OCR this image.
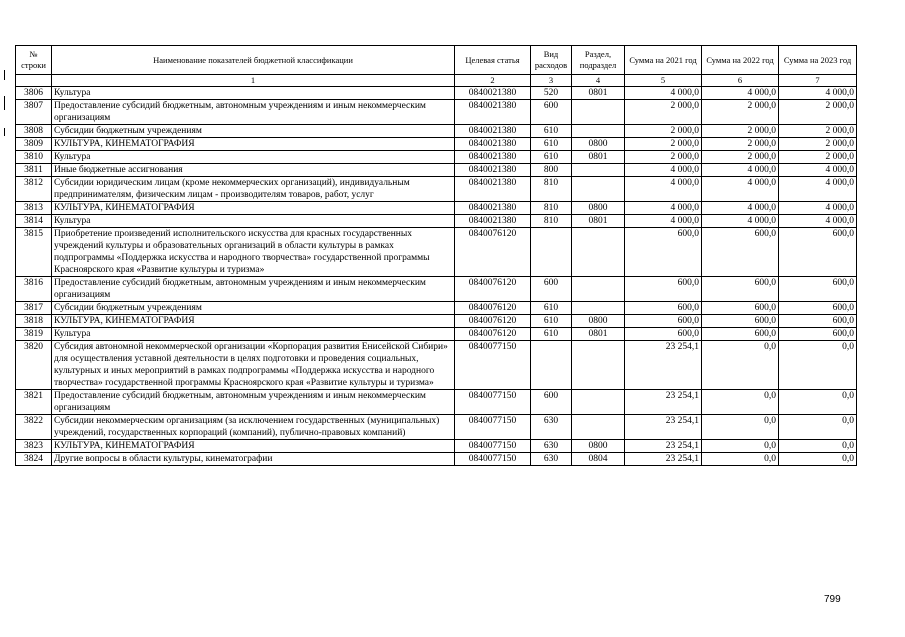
№ строки	Наименование показателей бюджетной классификации	Целевая статья	Вид расходов	Раздел, подраздел	Сумма на 2021 год	Сумма на 2022 год	Сумма на 2023 год
	1	2	3	4	5	6	7
3806	Культура	0840021380	520	0801	4 000,0	4 000,0	4 000,0
3807	Предоставление субсидий бюджетным, автономным учреждениям и иным некоммерческим организациям	0840021380	600		2 000,0	2 000,0	2 000,0
3808	Субсидии бюджетным учреждениям	0840021380	610		2 000,0	2 000,0	2 000,0
3809	КУЛЬТУРА, КИНЕМАТОГРАФИЯ	0840021380	610	0800	2 000,0	2 000,0	2 000,0
3810	Культура	0840021380	610	0801	2 000,0	2 000,0	2 000,0
3811	Иные бюджетные ассигнования	0840021380	800		4 000,0	4 000,0	4 000,0
3812	Субсидии юридическим лицам (кроме некоммерческих организаций), индивидуальным предпринимателям, физическим лицам - производителям товаров, работ, услуг	0840021380	810		4 000,0	4 000,0	4 000,0
3813	КУЛЬТУРА, КИНЕМАТОГРАФИЯ	0840021380	810	0800	4 000,0	4 000,0	4 000,0
3814	Культура	0840021380	810	0801	4 000,0	4 000,0	4 000,0
3815	Приобретение произведений исполнительского искусства для красных государственных учреждений культуры и образовательных организаций в области культуры в рамках подпрограммы «Поддержка искусства и народного творчества» государственной программы Красноярского края «Развитие культуры и туризма»	0840076120			600,0	600,0	600,0
3816	Предоставление субсидий бюджетным, автономным учреждениям и иным некоммерческим организациям	0840076120	600		600,0	600,0	600,0
3817	Субсидии бюджетным учреждениям	0840076120	610		600,0	600,0	600,0
3818	КУЛЬТУРА, КИНЕМАТОГРАФИЯ	0840076120	610	0800	600,0	600,0	600,0
3819	Культура	0840076120	610	0801	600,0	600,0	600,0
3820	Субсидия автономной некоммерческой организации «Корпорация развития Енисейской Сибири» для осуществления уставной деятельности в целях подготовки и проведения социальных, культурных и иных мероприятий в рамках подпрограммы «Поддержка искусства и народного творчества» государственной программы Красноярского края «Развитие культуры и туризма»	0840077150			23 254,1	0,0	0,0
3821	Предоставление субсидий бюджетным, автономным учреждениям и иным некоммерческим организациям	0840077150	600		23 254,1	0,0	0,0
3822	Субсидии некоммерческим организациям (за исключением государственных (муниципальных) учреждений, государственных корпораций (компаний), публично-правовых компаний)	0840077150	630		23 254,1	0,0	0,0
3823	КУЛЬТУРА, КИНЕМАТОГРАФИЯ	0840077150	630	0800	23 254,1	0,0	0,0
3824	Другие вопросы в области культуры, кинематографии	0840077150	630	0804	23 254,1	0,0	0,0
799
